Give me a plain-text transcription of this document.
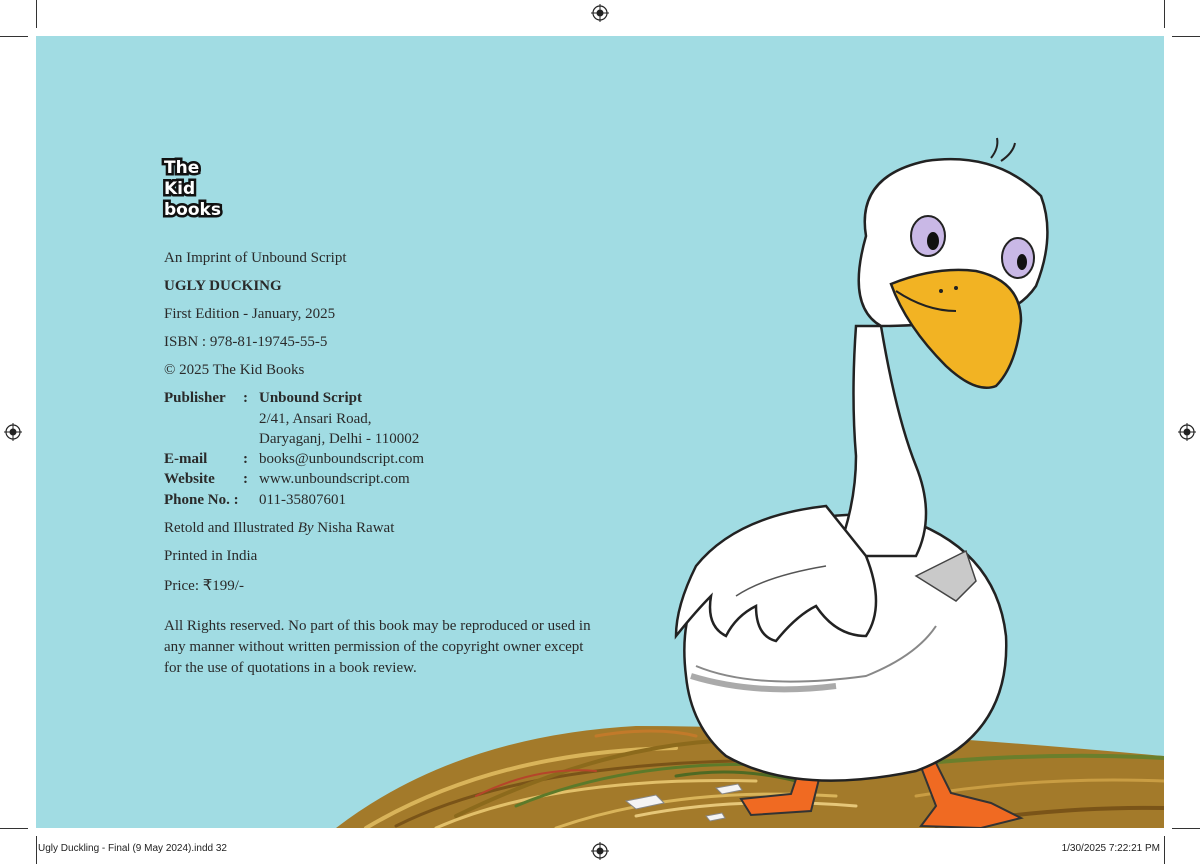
Ugly Duckling - Final (9 May 2024).indd 32	1/30/2025 7:22:21 PM
The
Kid
books
An Imprint of Unbound Script
UGLY DUCKING
First Edition - January, 2025
ISBN : 978-81-19745-55-5
© 2025 The Kid Books
Publisher : Unbound Script
2/41, Ansari Road,
Daryaganj, Delhi - 110002
E-mail : books@unboundscript.com
Website : www.unboundscript.com
Phone No. : 011-35807601
Retold and Illustrated By Nisha Rawat
Printed in India
Price: ₹199/-
All Rights reserved. No part of this book may be reproduced or used in any manner without written permission of the copyright owner except for the use of quotations in a book review.
